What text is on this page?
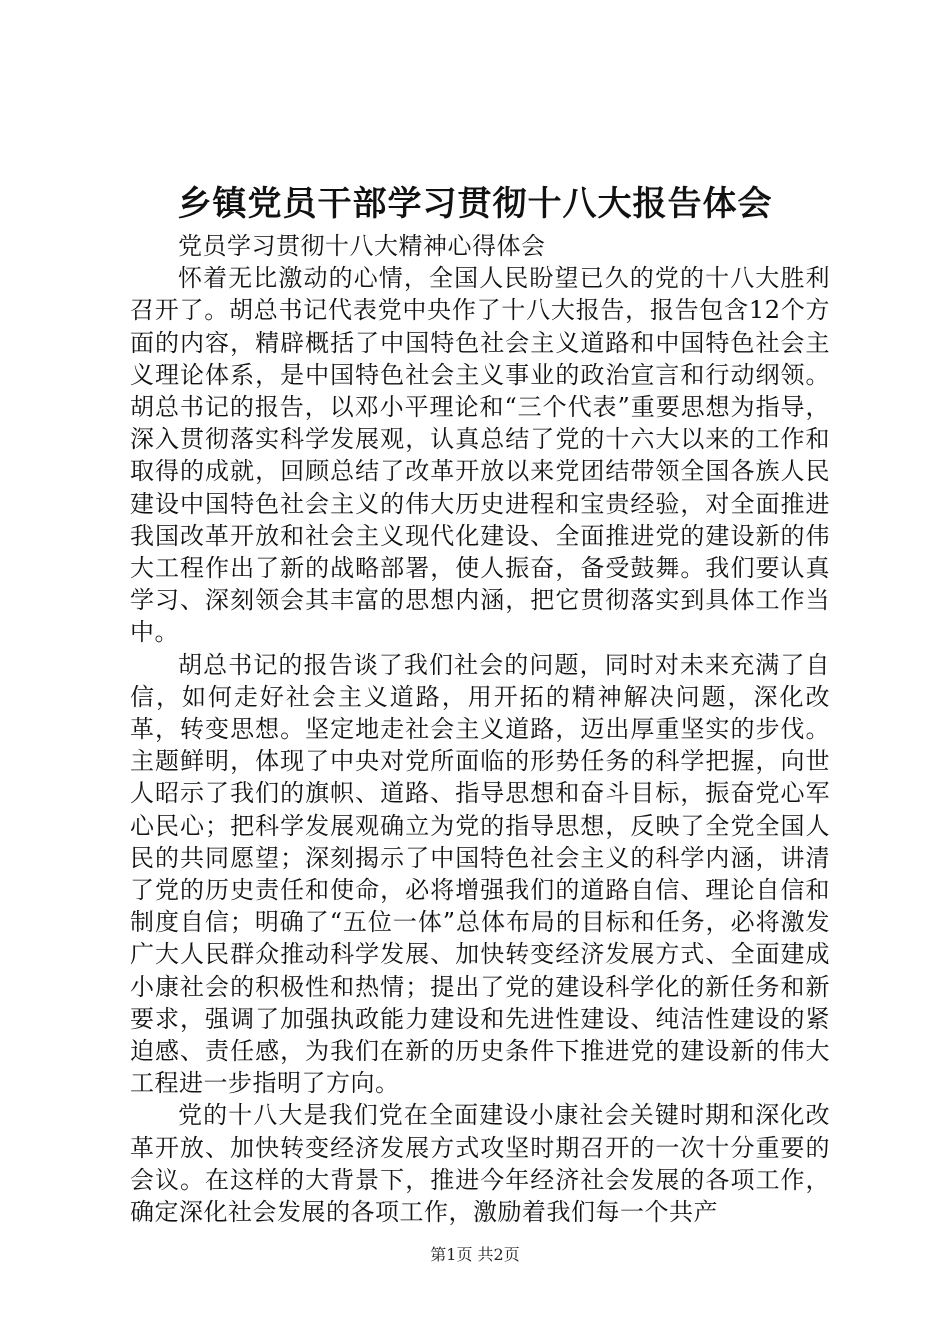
乡镇党员干部学习贯彻十八大报告体会

党员学习贯彻十八大精神心得体会

怀着无比激动的心情，全国人民盼望已久的党的十八大胜利召开了。胡总书记代表党中央作了十八大报告，报告包含12个方面的内容，精辟概括了中国特色社会主义道路和中国特色社会主义理论体系，是中国特色社会主义事业的政治宣言和行动纲领。胡总书记的报告，以邓小平理论和“三个代表”重要思想为指导，深入贯彻落实科学发展观，认真总结了党的十六大以来的工作和取得的成就，回顾总结了改革开放以来党团结带领全国各族人民建设中国特色社会主义的伟大历史进程和宝贵经验，对全面推进我国改革开放和社会主义现代化建设、全面推进党的建设新的伟大工程作出了新的战略部署，使人振奋，备受鼓舞。我们要认真学习、深刻领会其丰富的思想内涵，把它贯彻落实到具体工作当中。

胡总书记的报告谈了我们社会的问题，同时对未来充满了自信，如何走好社会主义道路，用开拓的精神解决问题，深化改革，转变思想。坚定地走社会主义道路，迈出厚重坚实的步伐。主题鲜明，体现了中央对党所面临的形势任务的科学把握，向世人昭示了我们的旗帜、道路、指导思想和奋斗目标，振奋党心军心民心；把科学发展观确立为党的指导思想，反映了全党全国人民的共同愿望；深刻揭示了中国特色社会主义的科学内涵，讲清了党的历史责任和使命，必将增强我们的道路自信、理论自信和制度自信；明确了“五位一体”总体布局的目标和任务，必将激发广大人民群众推动科学发展、加快转变经济发展方式、全面建成小康社会的积极性和热情；提出了党的建设科学化的新任务和新要求，强调了加强执政能力建设和先进性建设、纯洁性建设的紧迫感、责任感，为我们在新的历史条件下推进党的建设新的伟大工程进一步指明了方向。

党的十八大是我们党在全面建设小康社会关键时期和深化改革开放、加快转变经济发展方式攻坚时期召开的一次十分重要的会议。在这样的大背景下，推进今年经济社会发展的各项工作，确定深化社会发展的各项工作，激励着我们每一个共产

第1页 共2页
